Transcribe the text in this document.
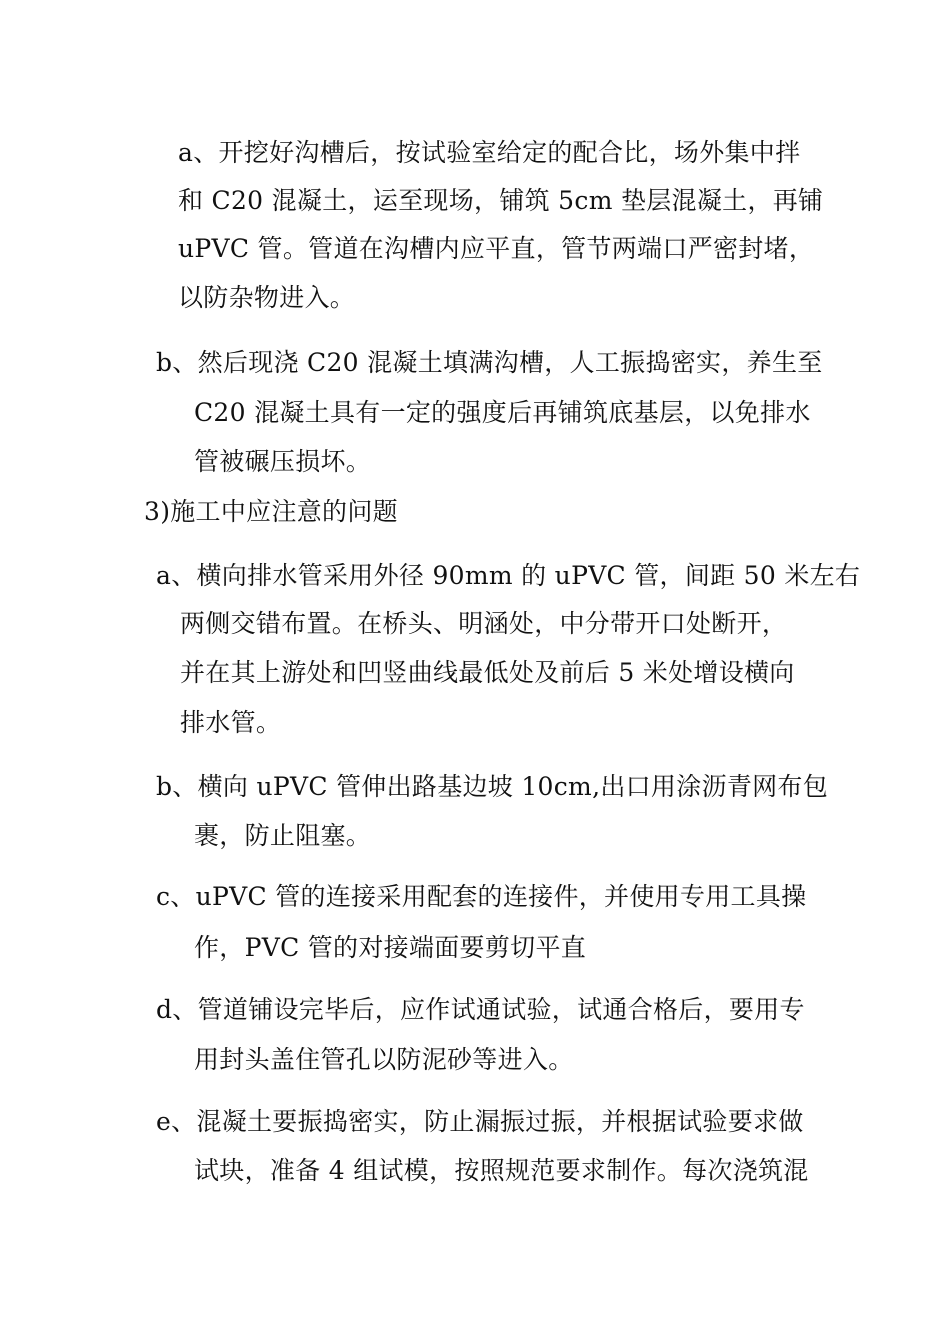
a、开挖好沟槽后，按试验室给定的配合比，场外集中拌
和 C20 混凝土，运至现场，铺筑 5cm 垫层混凝土，再铺
uPVC 管。管道在沟槽内应平直，管节两端口严密封堵，
以防杂物进入。
b、然后现浇 C20 混凝土填满沟槽，人工振捣密实，养生至
C20 混凝土具有一定的强度后再铺筑底基层，以免排水
管被碾压损坏。
3)施工中应注意的问题
a、横向排水管采用外径 90mm 的 uPVC 管，间距 50 米左右
两侧交错布置。在桥头、明涵处，中分带开口处断开，
并在其上游处和凹竖曲线最低处及前后 5 米处增设横向
排水管。
b、横向 uPVC 管伸出路基边坡 10cm,出口用涂沥青网布包
裹，防止阻塞。
c、uPVC 管的连接采用配套的连接件，并使用专用工具操
作，PVC 管的对接端面要剪切平直
d、管道铺设完毕后，应作试通试验，试通合格后，要用专
用封头盖住管孔以防泥砂等进入。
e、混凝土要振捣密实，防止漏振过振，并根据试验要求做
试块，准备 4 组试模，按照规范要求制作。每次浇筑混
